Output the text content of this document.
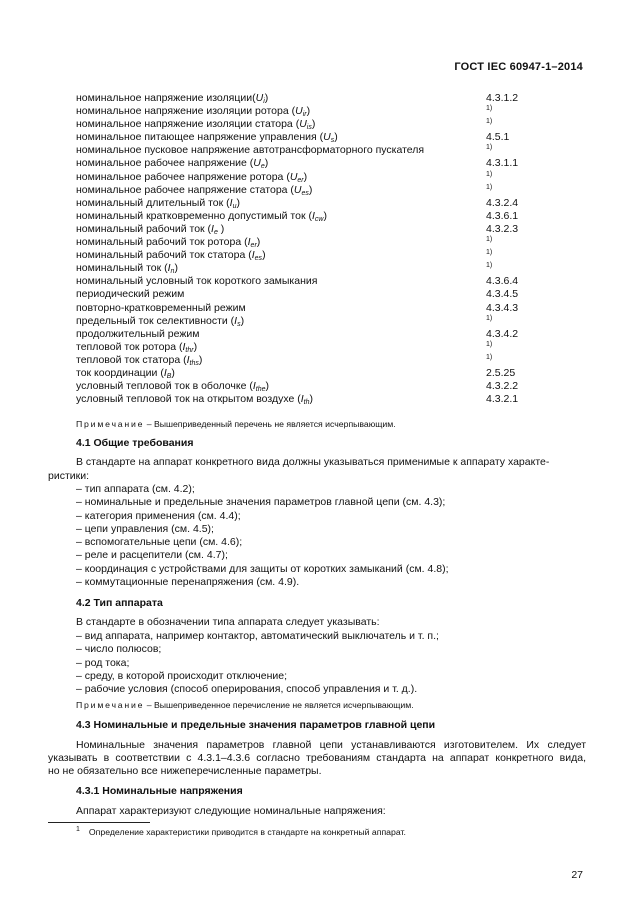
ГОСТ IEC 60947-1–2014
номинальное напряжение $изоляции(U_i)$	4.3.1.2
номинальное напряжение изоляции ротора $(U_{ir})$	1)
номинальное напряжение изоляции статора $(U_{is})$	1)
номинальное питающее напряжение управления $(U_s)$	4.5.1
номинальное пусковое напряжение автотрансформаторного пускателя	1)
номинальное рабочее напряжение $(U_e)$	4.3.1.1
номинальное рабочее напряжение ротора $(U_{er})$	1)
номинальное рабочее напряжение статора $(U_{es})$	1)
номинальный длительный ток $(I_u)$	4.3.2.4
номинальный кратковременно допустимый ток $(I_{cw})$	4.3.6.1
номинальный рабочий ток ($I_e$ )	4.3.2.3
номинальный рабочий ток ротора $(I_{er})$	1)
номинальный рабочий ток статора $(I_{es})$	1)
номинальный ток $(I_n)$	1)
номинальный условный ток короткого замыкания	4.3.6.4
периодический режим	4.3.4.5
повторно-кратковременный режим	4.3.4.3
предельный ток селективности $(I_s)$	1)
продолжительный режим	4.3.4.2
тепловой ток ротора $(I_{thr})$	1)
тепловой ток статора $(I_{ths})$	1)
ток координации $(I_B)$	2.5.25
условный тепловой ток в оболочке $(I_{the})$	4.3.2.2
условный тепловой ток на открытом воздухе $(I_{th})$	4.3.2.1
Примечание – Вышеприведенный перечень не является исчерпывающим.
4.1 Общие требования
В стандарте на аппарат конкретного вида должны указываться применимые к аппарату характе-
ристики:
– тип аппарата (см. 4.2);
– номинальные и предельные значения параметров главной цепи (см. 4.3);
– категория применения (см. 4.4);
– цепи управления (см. 4.5);
– вспомогательные цепи (см. 4.6);
– реле и расцепители (см. 4.7);
– координация с устройствами для защиты от коротких замыканий (см. 4.8);
– коммутационные перенапряжения (см. 4.9).
4.2 Тип аппарата
В стандарте в обозначении типа аппарата следует указывать:
– вид аппарата, например контактор, автоматический выключатель и т. п.;
– число полюсов;
– род тока;
– среду, в которой происходит отключение;
– рабочие условия (способ оперирования, способ управления и т. д.).
Примечание – Вышеприведенное перечисление не является исчерпывающим.
4.3 Номинальные и предельные значения параметров главной цепи
Номинальные значения параметров главной цепи устанавливаются изготовителем. Их следует
указывать в соответствии с 4.3.1–4.3.6 согласно требованиям стандарта на аппарат конкретного вида,
но не обязательно все нижеперечисленные параметры.
4.3.1 Номинальные напряжения
Аппарат характеризуют следующие номинальные напряжения:
$^1$ Определение характеристики приводится в стандарте на конкретный аппарат.
27
